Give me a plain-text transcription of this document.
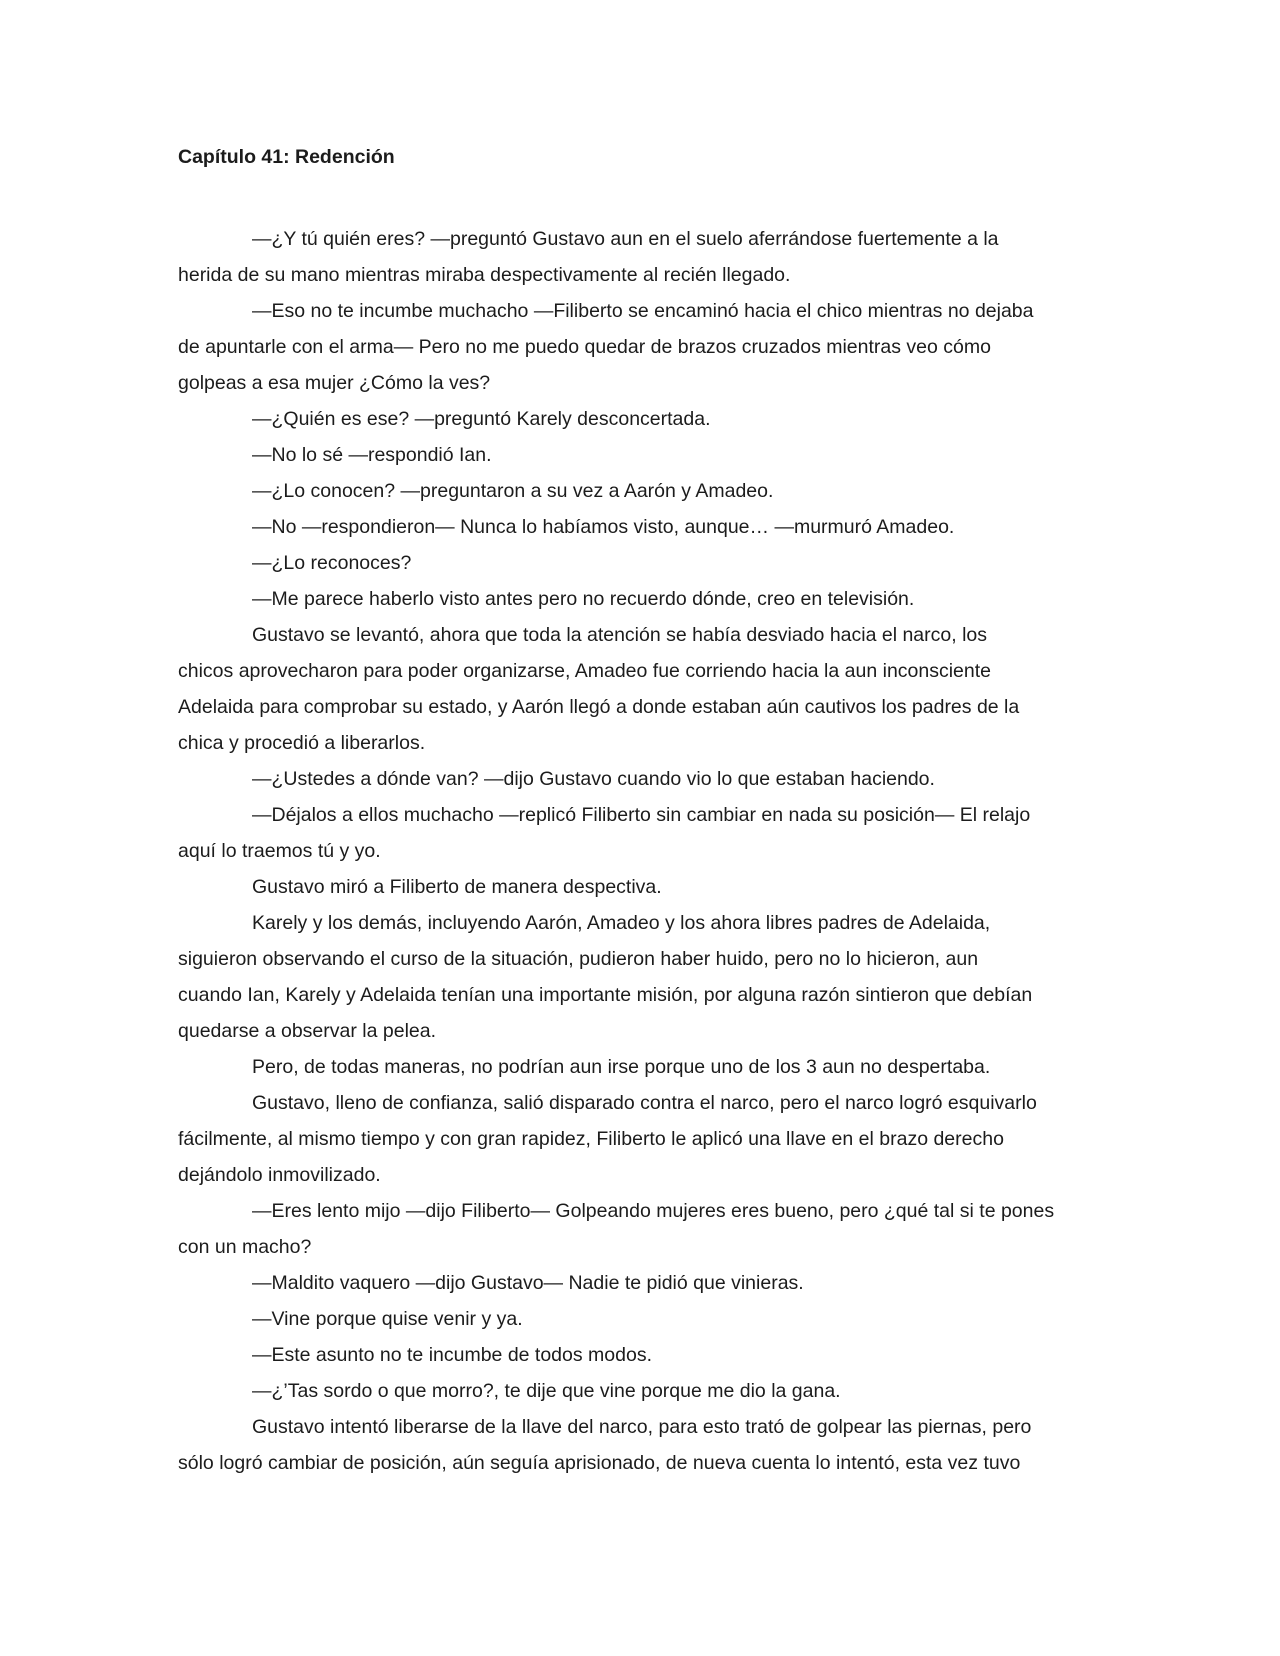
Capítulo 41: Redención

—¿Y tú quién eres? —preguntó Gustavo aun en el suelo aferrándose fuertemente a la
herida de su mano mientras miraba despectivamente al recién llegado.

—Eso no te incumbe muchacho —Filiberto se encaminó hacia el chico mientras no dejaba
de apuntarle con el arma— Pero no me puedo quedar de brazos cruzados mientras veo cómo
golpeas a esa mujer ¿Cómo la ves?

—¿Quién es ese? —preguntó Karely desconcertada.

—No lo sé —respondió Ian.

—¿Lo conocen? —preguntaron a su vez a Aarón y Amadeo.

—No —respondieron— Nunca lo habíamos visto, aunque… —murmuró Amadeo.

—¿Lo reconoces?

—Me parece haberlo visto antes pero no recuerdo dónde, creo en televisión.

Gustavo se levantó, ahora que toda la atención se había desviado hacia el narco, los
chicos aprovecharon para poder organizarse, Amadeo fue corriendo hacia la aun inconsciente
Adelaida para comprobar su estado, y Aarón llegó a donde estaban aún cautivos los padres de la
chica y procedió a liberarlos.

—¿Ustedes a dónde van? —dijo Gustavo cuando vio lo que estaban haciendo.

—Déjalos a ellos muchacho —replicó Filiberto sin cambiar en nada su posición— El relajo
aquí lo traemos tú y yo.

Gustavo miró a Filiberto de manera despectiva.

Karely y los demás, incluyendo Aarón, Amadeo y los ahora libres padres de Adelaida,
siguieron observando el curso de la situación, pudieron haber huido, pero no lo hicieron, aun
cuando Ian, Karely y Adelaida tenían una importante misión, por alguna razón sintieron que debían
quedarse a observar la pelea.

Pero, de todas maneras, no podrían aun irse porque uno de los 3 aun no despertaba.

Gustavo, lleno de confianza, salió disparado contra el narco, pero el narco logró esquivarlo
fácilmente, al mismo tiempo y con gran rapidez, Filiberto le aplicó una llave en el brazo derecho
dejándolo inmovilizado.

—Eres lento mijo —dijo Filiberto— Golpeando mujeres eres bueno, pero ¿qué tal si te pones
con un macho?

—Maldito vaquero —dijo Gustavo— Nadie te pidió que vinieras.

—Vine porque quise venir y ya.

—Este asunto no te incumbe de todos modos.

—¿’Tas sordo o que morro?, te dije que vine porque me dio la gana.

Gustavo intentó liberarse de la llave del narco, para esto trató de golpear las piernas, pero
sólo logró cambiar de posición, aún seguía aprisionado, de nueva cuenta lo intentó, esta vez tuvo
